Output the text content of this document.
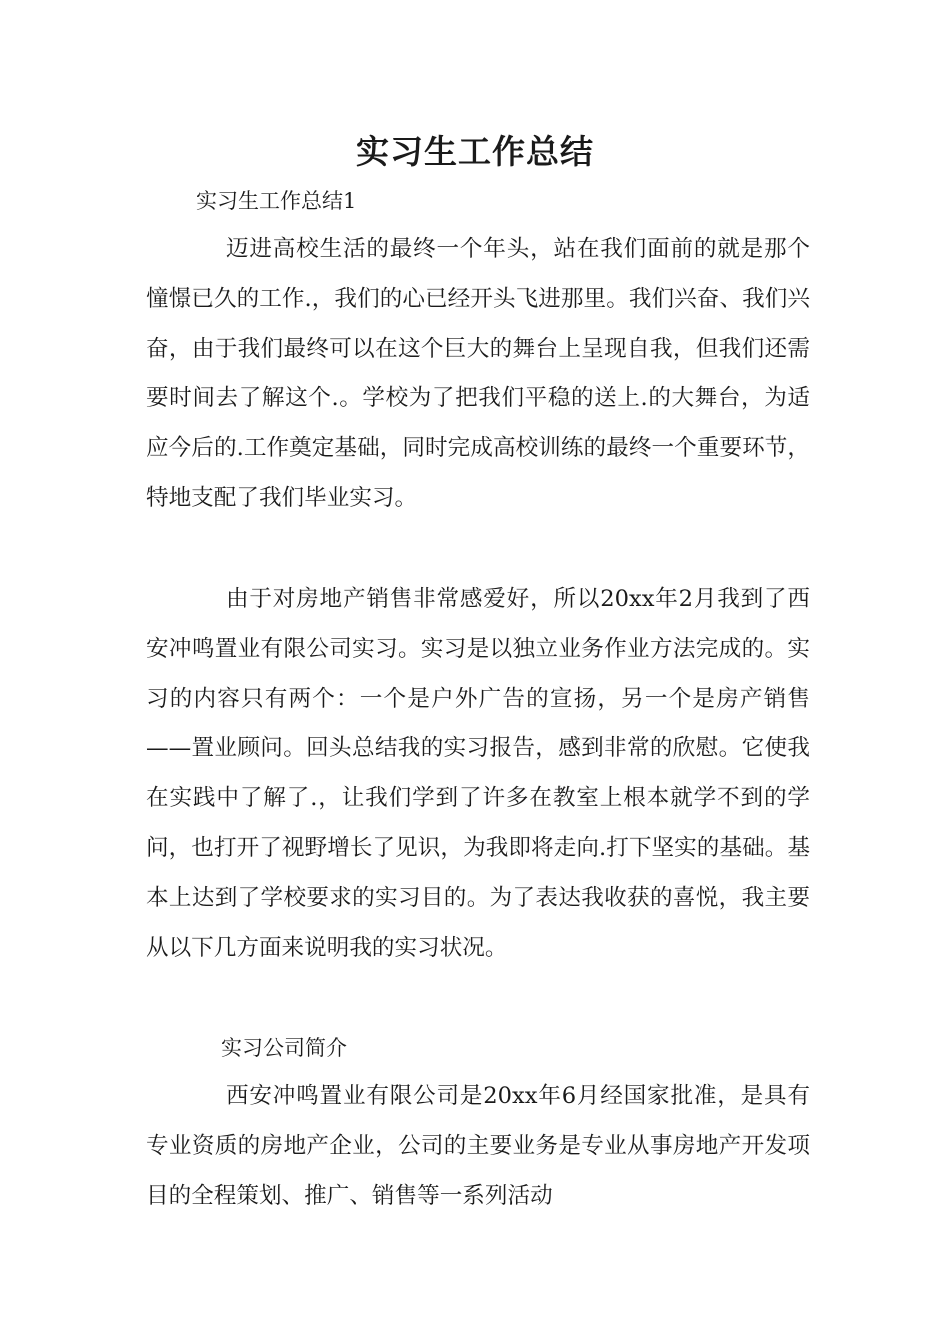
实习生工作总结

实习生工作总结1

迈进高校生活的最终一个年头，站在我们面前的就是那个憧憬已久的工作.，我们的心已经开头飞进那里。我们兴奋、我们兴奋，由于我们最终可以在这个巨大的舞台上呈现自我，但我们还需要时间去了解这个.。学校为了把我们平稳的送上.的大舞台，为适应今后的.工作奠定基础，同时完成高校训练的最终一个重要环节，特地支配了我们毕业实习。

由于对房地产销售非常感爱好，所以20xx年2月我到了西安冲鸣置业有限公司实习。实习是以独立业务作业方法完成的。实习的内容只有两个：一个是户外广告的宣扬，另一个是房产销售——置业顾问。回头总结我的实习报告，感到非常的欣慰。它使我在实践中了解了.，让我们学到了许多在教室上根本就学不到的学问，也打开了视野增长了见识，为我即将走向.打下坚实的基础。基本上达到了学校要求的实习目的。为了表达我收获的喜悦，我主要从以下几方面来说明我的实习状况。

实习公司简介

西安冲鸣置业有限公司是20xx年6月经国家批准，是具有专业资质的房地产企业，公司的主要业务是专业从事房地产开发项目的全程策划、推广、销售等一系列活动
